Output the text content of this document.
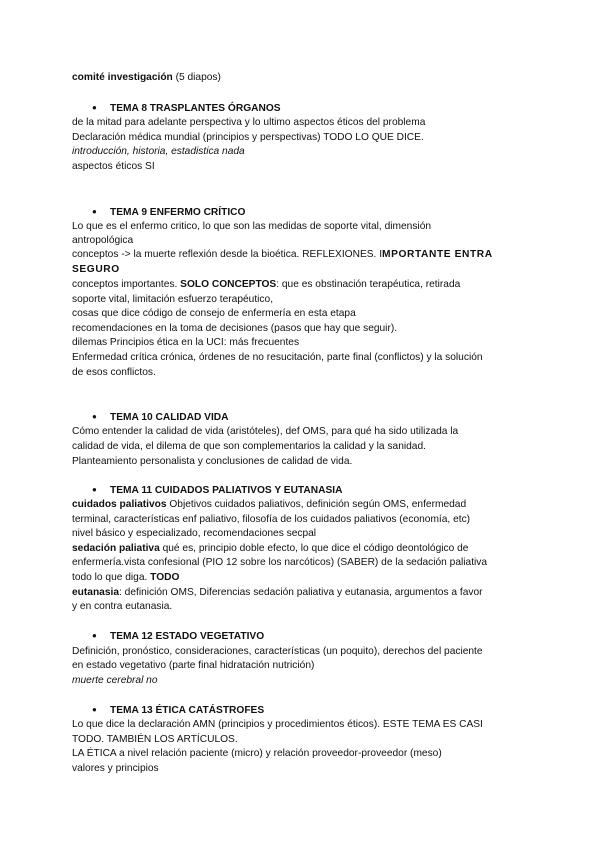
comité investigación (5 diapos)
● TEMA 8 TRASPLANTES ÓRGANOS
de la mitad para adelante perspectiva y lo ultimo aspectos éticos del problema
Declaración médica mundial (principios y perspectivas) TODO LO QUE DICE.
introducción, historia, estadistica nada
aspectos éticos SI
● TEMA 9 ENFERMO CRÍTICO
Lo que es el enfermo critico, lo que son las medidas de soporte vital, dimensión
antropológica
conceptos -> la muerte reflexión desde la bioética. REFLEXIONES. IMPORTANTE ENTRA
SEGURO
conceptos importantes. SOLO CONCEPTOS: que es obstinación terapéutica, retirada
soporte vital, limitación esfuerzo terapéutico,
cosas que dice código de consejo de enfermería en esta etapa
recomendaciones en la toma de decisiones (pasos que hay que seguir).
dilemas Principios ética en la UCI: más frecuentes
Enfermedad crítica crónica, órdenes de no resucitación, parte final (conflictos) y la solución
de esos conflictos.
● TEMA 10 CALIDAD VIDA
Cómo entender la calidad de vida (aristóteles), def OMS, para qué ha sido utilizada la
calidad de vida, el dilema de que son complementarios la calidad y la sanidad.
Planteamiento personalista y conclusiones de calidad de vida.
● TEMA 11 CUIDADOS PALIATIVOS Y EUTANASIA
cuidados paliativos Objetivos cuidados paliativos, definición según OMS, enfermedad
terminal, características enf paliativo, filosofía de los cuidados paliativos (economía, etc)
nivel básico y especializado, recomendaciones secpal
sedación paliativa qué es, principio doble efecto, lo que dice el código deontológico de
enfermería.vista confesional (PIO 12 sobre los narcóticos) (SABER) de la sedación paliativa
todo lo que diga. TODO
eutanasia: definición OMS, Diferencias sedación paliativa y eutanasia, argumentos a favor
y en contra eutanasia.
● TEMA 12 ESTADO VEGETATIVO
Definición, pronóstico, consideraciones, características (un poquito), derechos del paciente
en estado vegetativo (parte final hidratación nutrición)
muerte cerebral no
● TEMA 13 ÉTICA CATÁSTROFES
Lo que dice la declaración AMN (principios y procedimientos éticos). ESTE TEMA ES CASI
TODO. TAMBIÉN LOS ARTÍCULOS.
LA ÉTICA a nivel relación paciente (micro) y relación proveedor-proveedor (meso)
valores y principios
